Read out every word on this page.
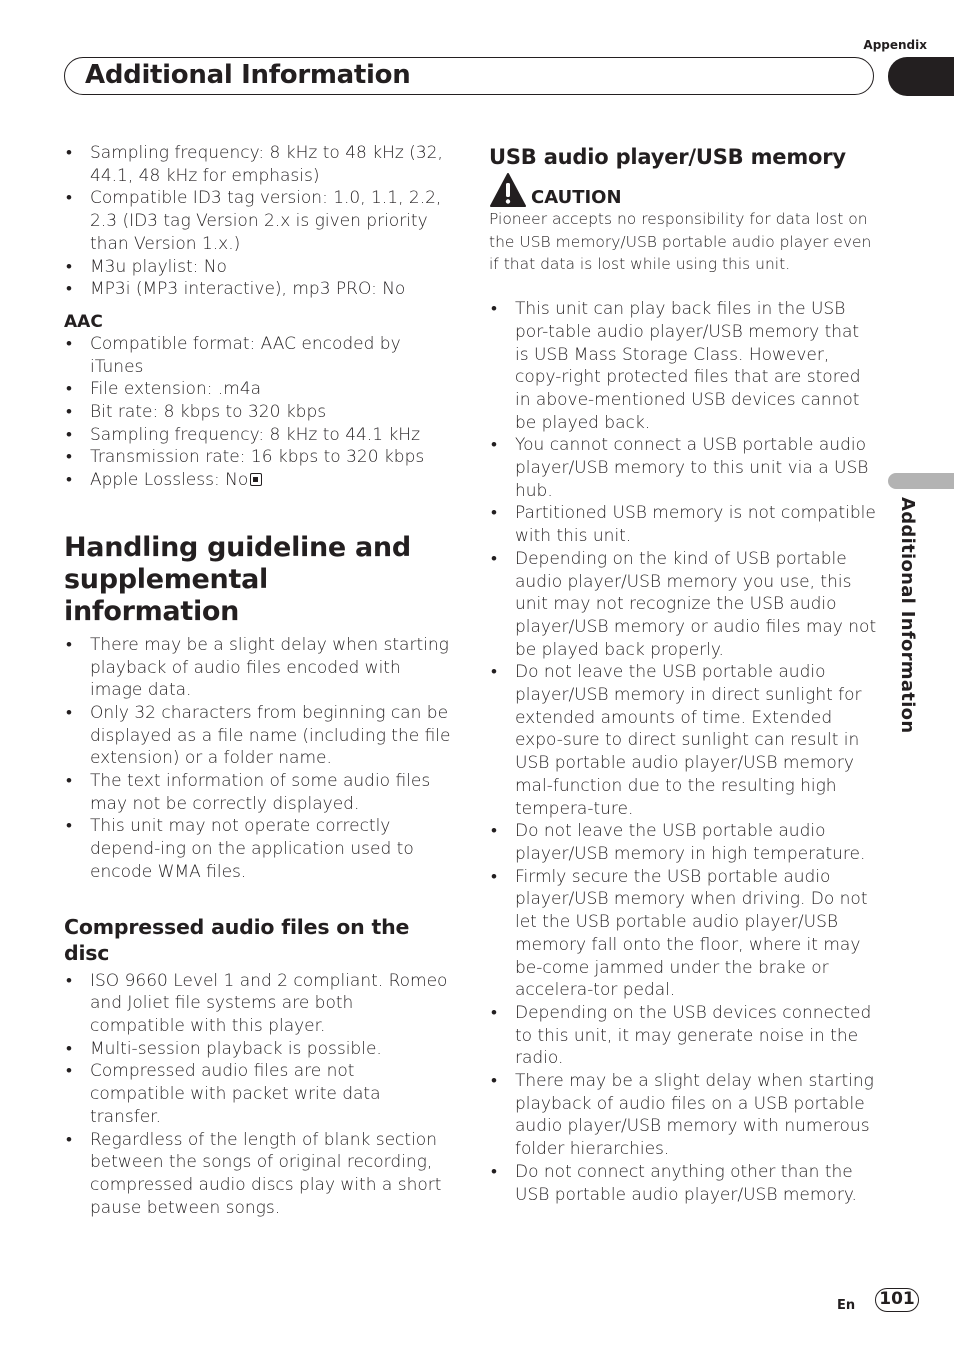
Appendix
Additional Information
Additional Information
• Sampling frequency: 8 kHz to 48 kHz (32, 44.1, 48 kHz for emphasis)
• Compatible ID3 tag version: 1.0, 1.1, 2.2, 2.3 (ID3 tag Version 2.x is given priority than Version 1.x.)
• M3u playlist: No
• MP3i (MP3 interactive), mp3 PRO: No
AAC
• Compatible format: AAC encoded by iTunes
• File extension: .m4a
• Bit rate: 8 kbps to 320 kbps
• Sampling frequency: 8 kHz to 44.1 kHz
• Transmission rate: 16 kbps to 320 kbps
• Apple Lossless: No
Handling guideline and supplemental information
• There may be a slight delay when starting playback of audio files encoded with image data.
• Only 32 characters from beginning can be displayed as a file name (including the file extension) or a folder name.
• The text information of some audio files may not be correctly displayed.
• This unit may not operate correctly depend-ing on the application used to encode WMA files.
Compressed audio files on the disc
• ISO 9660 Level 1 and 2 compliant. Romeo and Joliet file systems are both compatible with this player.
• Multi-session playback is possible.
• Compressed audio files are not compatible with packet write data transfer.
• Regardless of the length of blank section between the songs of original recording, compressed audio discs play with a short pause between songs.
USB audio player/USB memory
CAUTION

Pioneer accepts no responsibility for data lost on the USB memory/USB portable audio player even if that data is lost while using this unit.

• This unit can play back files in the USB por-table audio player/USB memory that is USB Mass Storage Class. However, copy-right protected files that are stored in above-mentioned USB devices cannot be played back.
• You cannot connect a USB portable audio player/USB memory to this unit via a USB hub.
• Partitioned USB memory is not compatible with this unit.
• Depending on the kind of USB portable audio player/USB memory you use, this unit may not recognize the USB audio player/USB memory or audio files may not be played back properly.
• Do not leave the USB portable audio player/USB memory in direct sunlight for extended amounts of time. Extended expo-sure to direct sunlight can result in USB portable audio player/USB memory mal-function due to the resulting high tempera-ture.
• Do not leave the USB portable audio player/USB memory in high temperature.
• Firmly secure the USB portable audio player/USB memory when driving. Do not let the USB portable audio player/USB memory fall onto the floor, where it may be-come jammed under the brake or accelera-tor pedal.
• Depending on the USB devices connected to this unit, it may generate noise in the radio.
• There may be a slight delay when starting playback of audio files on a USB portable audio player/USB memory with numerous folder hierarchies.
• Do not connect anything other than the USB portable audio player/USB memory.
En 101
